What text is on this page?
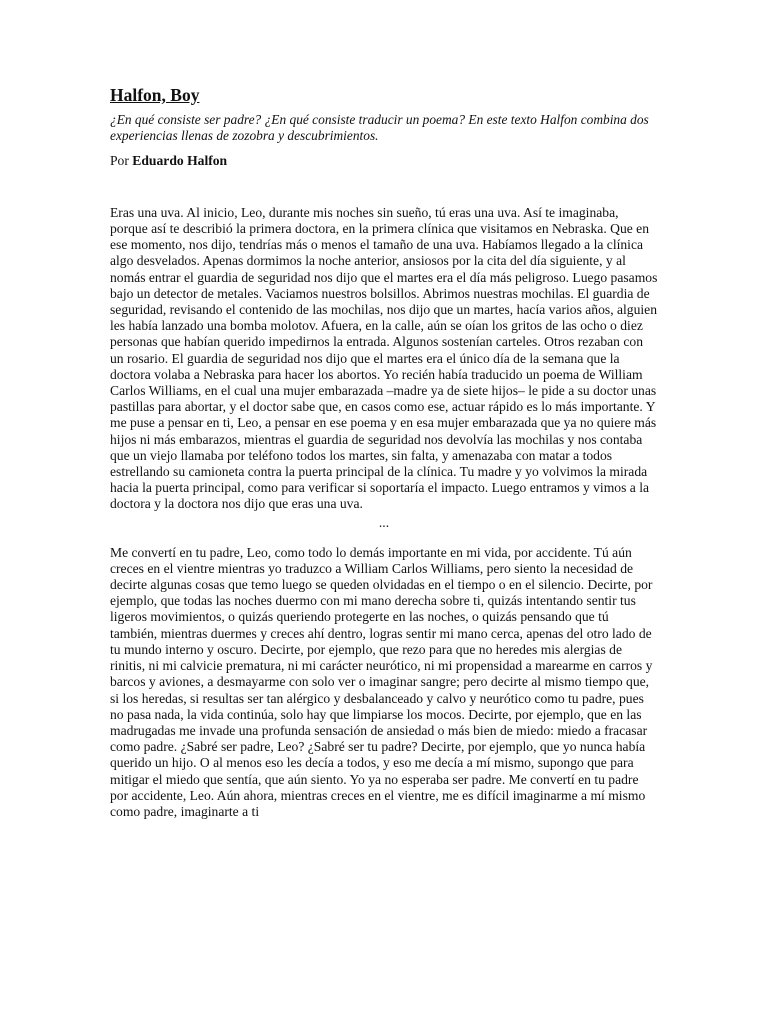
Halfon, Boy

¿En qué consiste ser padre? ¿En qué consiste traducir un poema? En este texto Halfon combina dos experiencias llenas de zozobra y descubrimientos.

Por Eduardo Halfon

Eras una uva. Al inicio, Leo, durante mis noches sin sueño, tú eras una uva. Así te imaginaba, porque así te describió la primera doctora, en la primera clínica que visitamos en Nebraska. Que en ese momento, nos dijo, tendrías más o menos el tamaño de una uva. Habíamos llegado a la clínica algo desvelados. Apenas dormimos la noche anterior, ansiosos por la cita del día siguiente, y al nomás entrar el guardia de seguridad nos dijo que el martes era el día más peligroso. Luego pasamos bajo un detector de metales. Vaciamos nuestros bolsillos. Abrimos nuestras mochilas. El guardia de seguridad, revisando el contenido de las mochilas, nos dijo que un martes, hacía varios años, alguien les había lanzado una bomba molotov. Afuera, en la calle, aún se oían los gritos de las ocho o diez personas que habían querido impedirnos la entrada. Algunos sostenían carteles. Otros rezaban con un rosario. El guardia de seguridad nos dijo que el martes era el único día de la semana que la doctora volaba a Nebraska para hacer los abortos. Yo recién había traducido un poema de William Carlos Williams, en el cual una mujer embarazada –madre ya de siete hijos– le pide a su doctor unas pastillas para abortar, y el doctor sabe que, en casos como ese, actuar rápido es lo más importante. Y me puse a pensar en ti, Leo, a pensar en ese poema y en esa mujer embarazada que ya no quiere más hijos ni más embarazos, mientras el guardia de seguridad nos devolvía las mochilas y nos contaba que un viejo llamaba por teléfono todos los martes, sin falta, y amenazaba con matar a todos estrellando su camioneta contra la puerta principal de la clínica. Tu madre y yo volvimos la mirada hacia la puerta principal, como para verificar si soportaría el impacto. Luego entramos y vimos a la doctora y la doctora nos dijo que eras una uva.

...

Me convertí en tu padre, Leo, como todo lo demás importante en mi vida, por accidente. Tú aún creces en el vientre mientras yo traduzco a William Carlos Williams, pero siento la necesidad de decirte algunas cosas que temo luego se queden olvidadas en el tiempo o en el silencio. Decirte, por ejemplo, que todas las noches duermo con mi mano derecha sobre ti, quizás intentando sentir tus ligeros movimientos, o quizás queriendo protegerte en las noches, o quizás pensando que tú también, mientras duermes y creces ahí dentro, logras sentir mi mano cerca, apenas del otro lado de tu mundo interno y oscuro. Decirte, por ejemplo, que rezo para que no heredes mis alergias de rinitis, ni mi calvicie prematura, ni mi carácter neurótico, ni mi propensidad a marearme en carros y barcos y aviones, a desmayarme con solo ver o imaginar sangre; pero decirte al mismo tiempo que, si los heredas, si resultas ser tan alérgico y desbalanceado y calvo y neurótico como tu padre, pues no pasa nada, la vida continúa, solo hay que limpiarse los mocos. Decirte, por ejemplo, que en las madrugadas me invade una profunda sensación de ansiedad o más bien de miedo: miedo a fracasar como padre. ¿Sabré ser padre, Leo? ¿Sabré ser tu padre? Decirte, por ejemplo, que yo nunca había querido un hijo. O al menos eso les decía a todos, y eso me decía a mí mismo, supongo que para mitigar el miedo que sentía, que aún siento. Yo ya no esperaba ser padre. Me convertí en tu padre por accidente, Leo. Aún ahora, mientras creces en el vientre, me es difícil imaginarme a mí mismo como padre, imaginarte a ti
